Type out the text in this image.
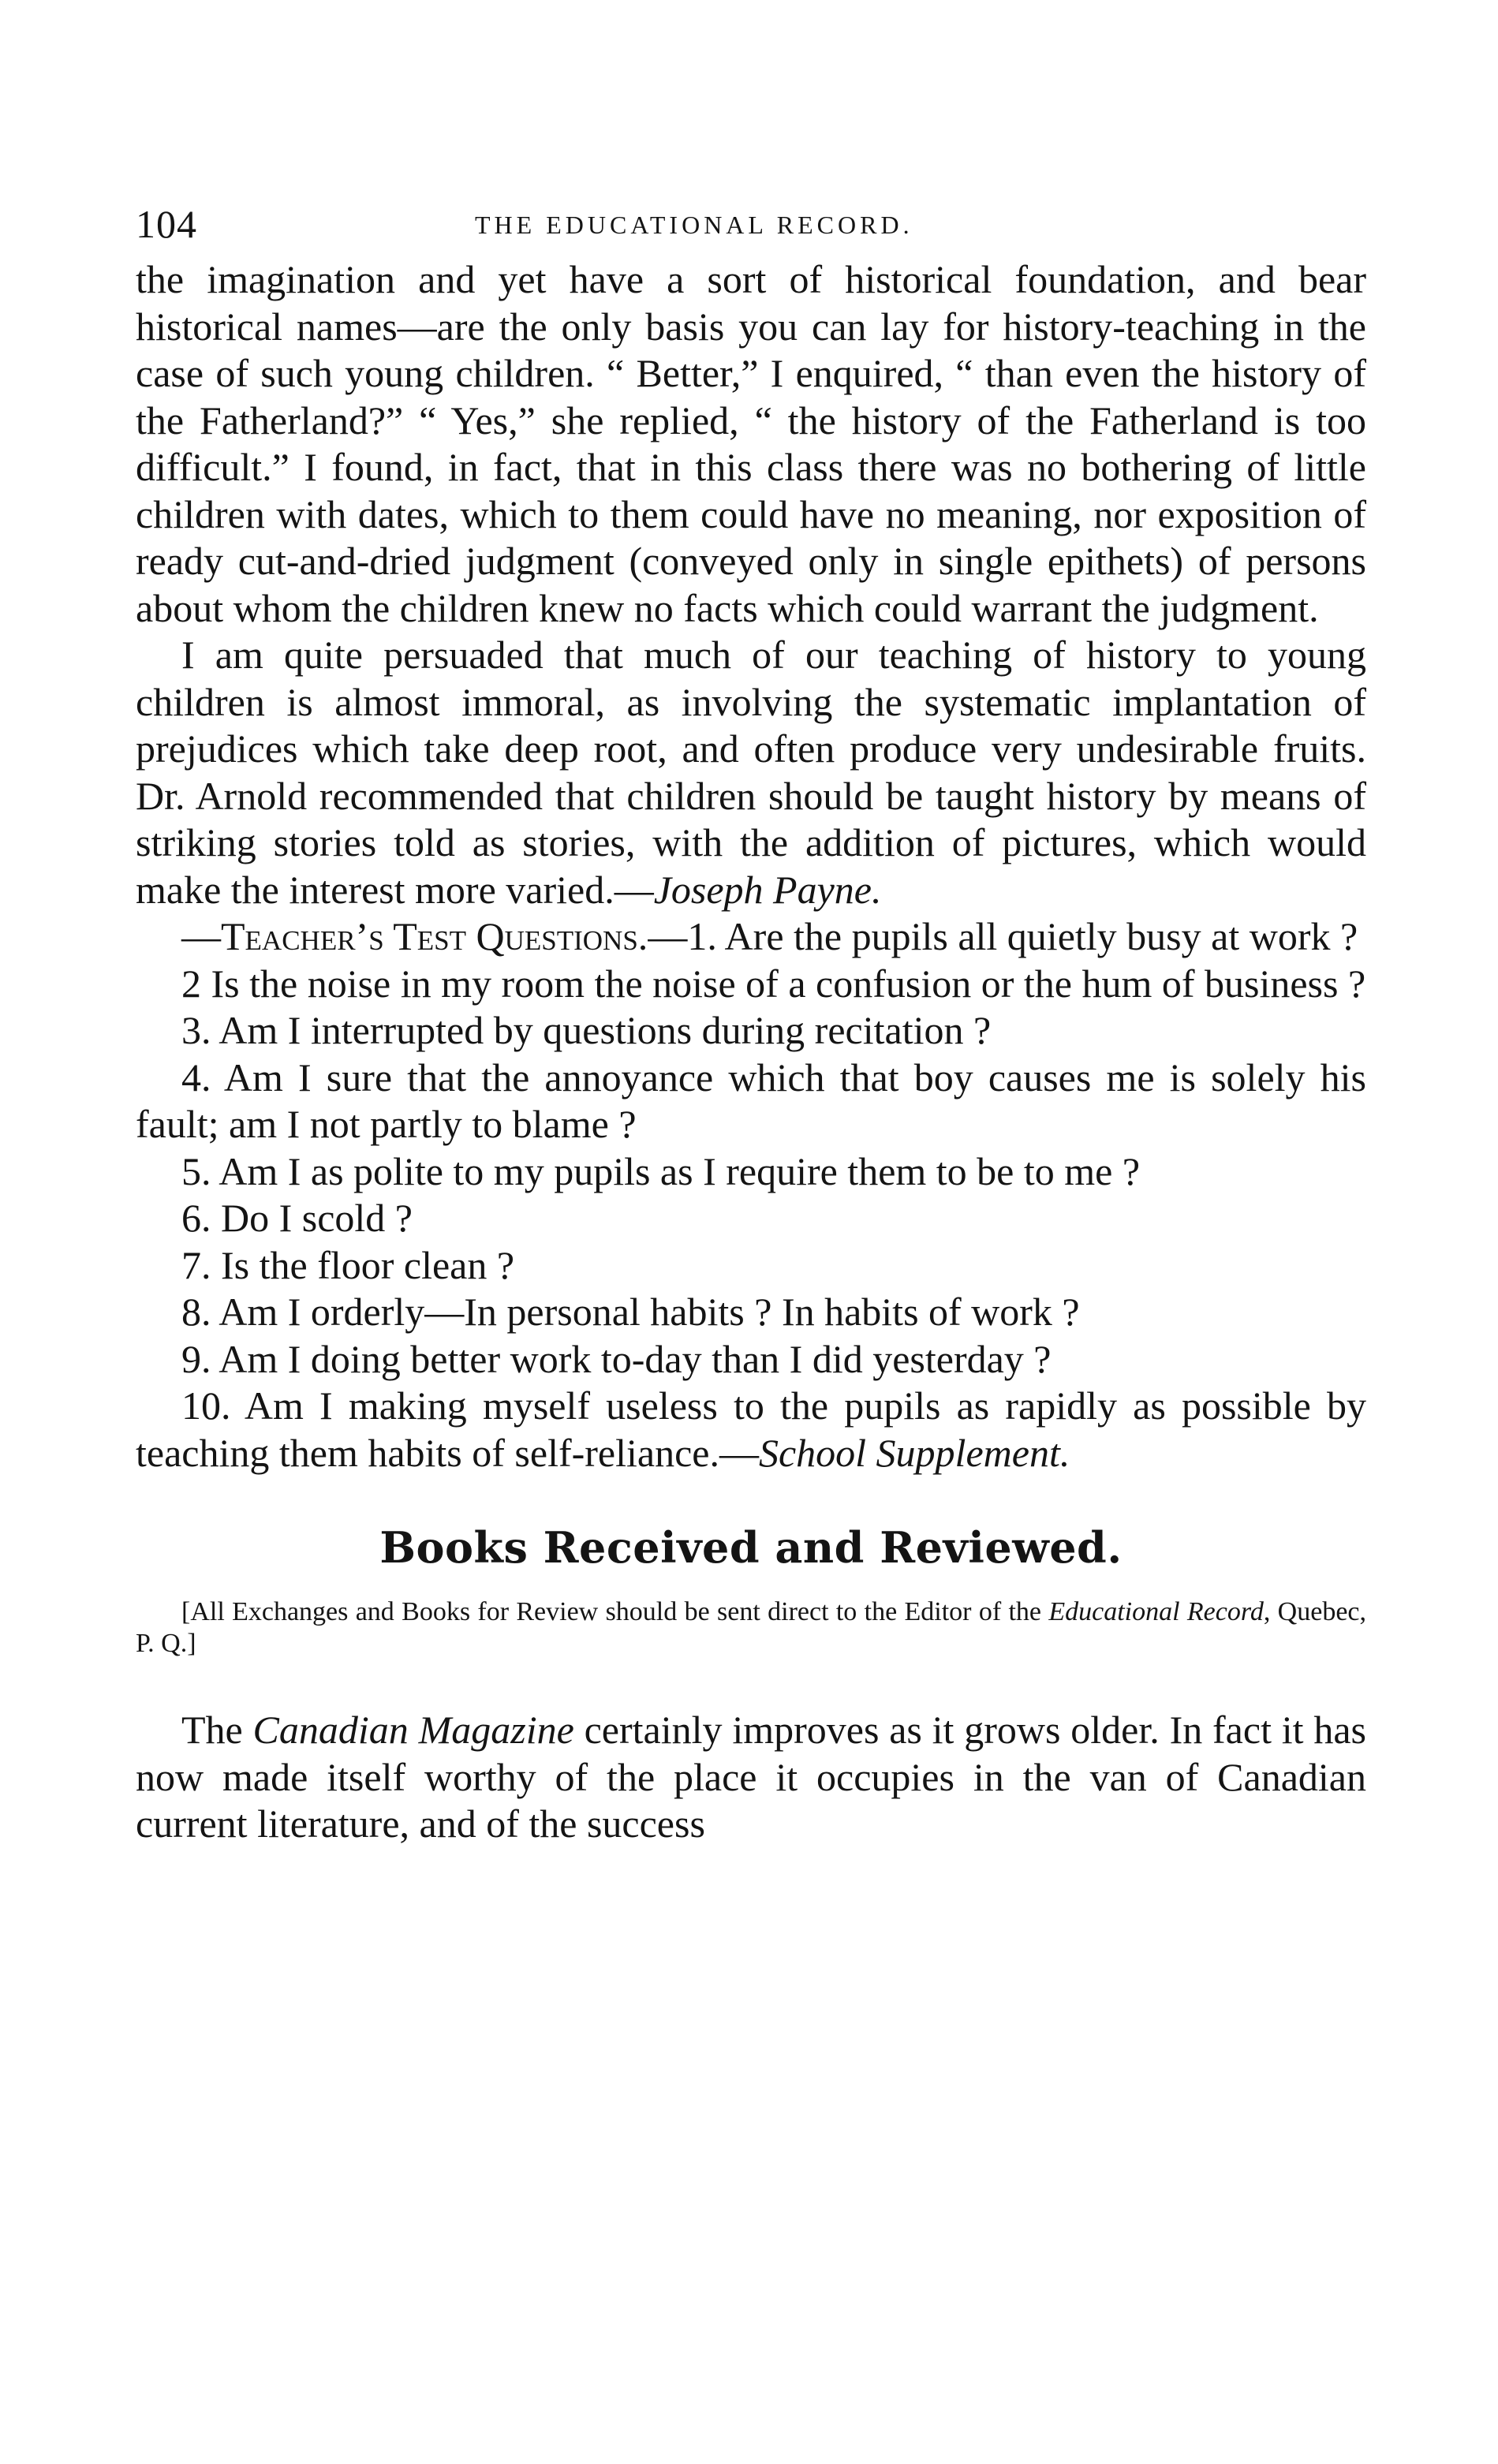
104	THE EDUCATIONAL RECORD.

the imagination and yet have a sort of historical foundation, and bear historical names—are the only basis you can lay for history-teaching in the case of such young children. “ Better,” I enquired, “ than even the history of the Fatherland?” “ Yes,” she replied, “ the history of the Fatherland is too difficult.” I found, in fact, that in this class there was no bothering of little children with dates, which to them could have no meaning, nor exposition of ready cut-and-dried judgment (conveyed only in single epithets) of persons about whom the children knew no facts which could warrant the judgment.

I am quite persuaded that much of our teaching of history to young children is almost immoral, as involving the systematic implantation of prejudices which take deep root, and often produce very undesirable fruits. Dr. Arnold recommended that children should be taught history by means of striking stories told as stories, with the addition of pictures, which would make the interest more varied.—Joseph Payne.

—Teacher’s Test Questions.—1. Are the pupils all quietly busy at work ?

2 Is the noise in my room the noise of a confusion or the hum of business ?

3. Am I interrupted by questions during recitation ?

4. Am I sure that the annoyance which that boy causes me is solely his fault; am I not partly to blame ?

5. Am I as polite to my pupils as I require them to be to me ?

6. Do I scold ?

7. Is the floor clean ?

8. Am I orderly—In personal habits ? In habits of work ?

9. Am I doing better work to-day than I did yesterday ?

10. Am I making myself useless to the pupils as rapidly as possible by teaching them habits of self-reliance.—School Supplement.

Books Received and Reviewed.

[All Exchanges and Books for Review should be sent direct to the Editor of the Educational Record, Quebec, P. Q.]

The Canadian Magazine certainly improves as it grows older. In fact it has now made itself worthy of the place it occupies in the van of Canadian current literature, and of the success
